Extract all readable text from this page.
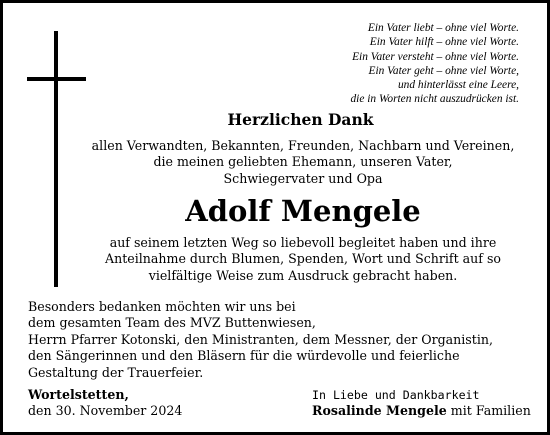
Ein Vater liebt – ohne viel Worte.
Ein Vater hilft – ohne viel Worte.
Ein Vater versteht – ohne viel Worte.
Ein Vater geht – ohne viel Worte,
und hinterlässt eine Leere,
die in Worten nicht auszudrücken ist.
Herzlichen Dank
allen Verwandten, Bekannten, Freunden, Nachbarn und Vereinen,
die meinen geliebten Ehemann, unseren Vater,
Schwiegervater und Opa
Adolf Mengele
auf seinem letzten Weg so liebevoll begleitet haben und ihre
Anteilnahme durch Blumen, Spenden, Wort und Schrift auf so
vielfältige Weise zum Ausdruck gebracht haben.
Besonders bedanken möchten wir uns bei
dem gesamten Team des MVZ Buttenwiesen,
Herrn Pfarrer Kotonski, den Ministranten, dem Messner, der Organistin,
den Sängerinnen und den Bläsern für die würdevolle und feierliche
Gestaltung der Trauerfeier.
Wortelstetten,
den 30. November 2024
In Liebe und Dankbarkeit
Rosalinde Mengele mit Familien
